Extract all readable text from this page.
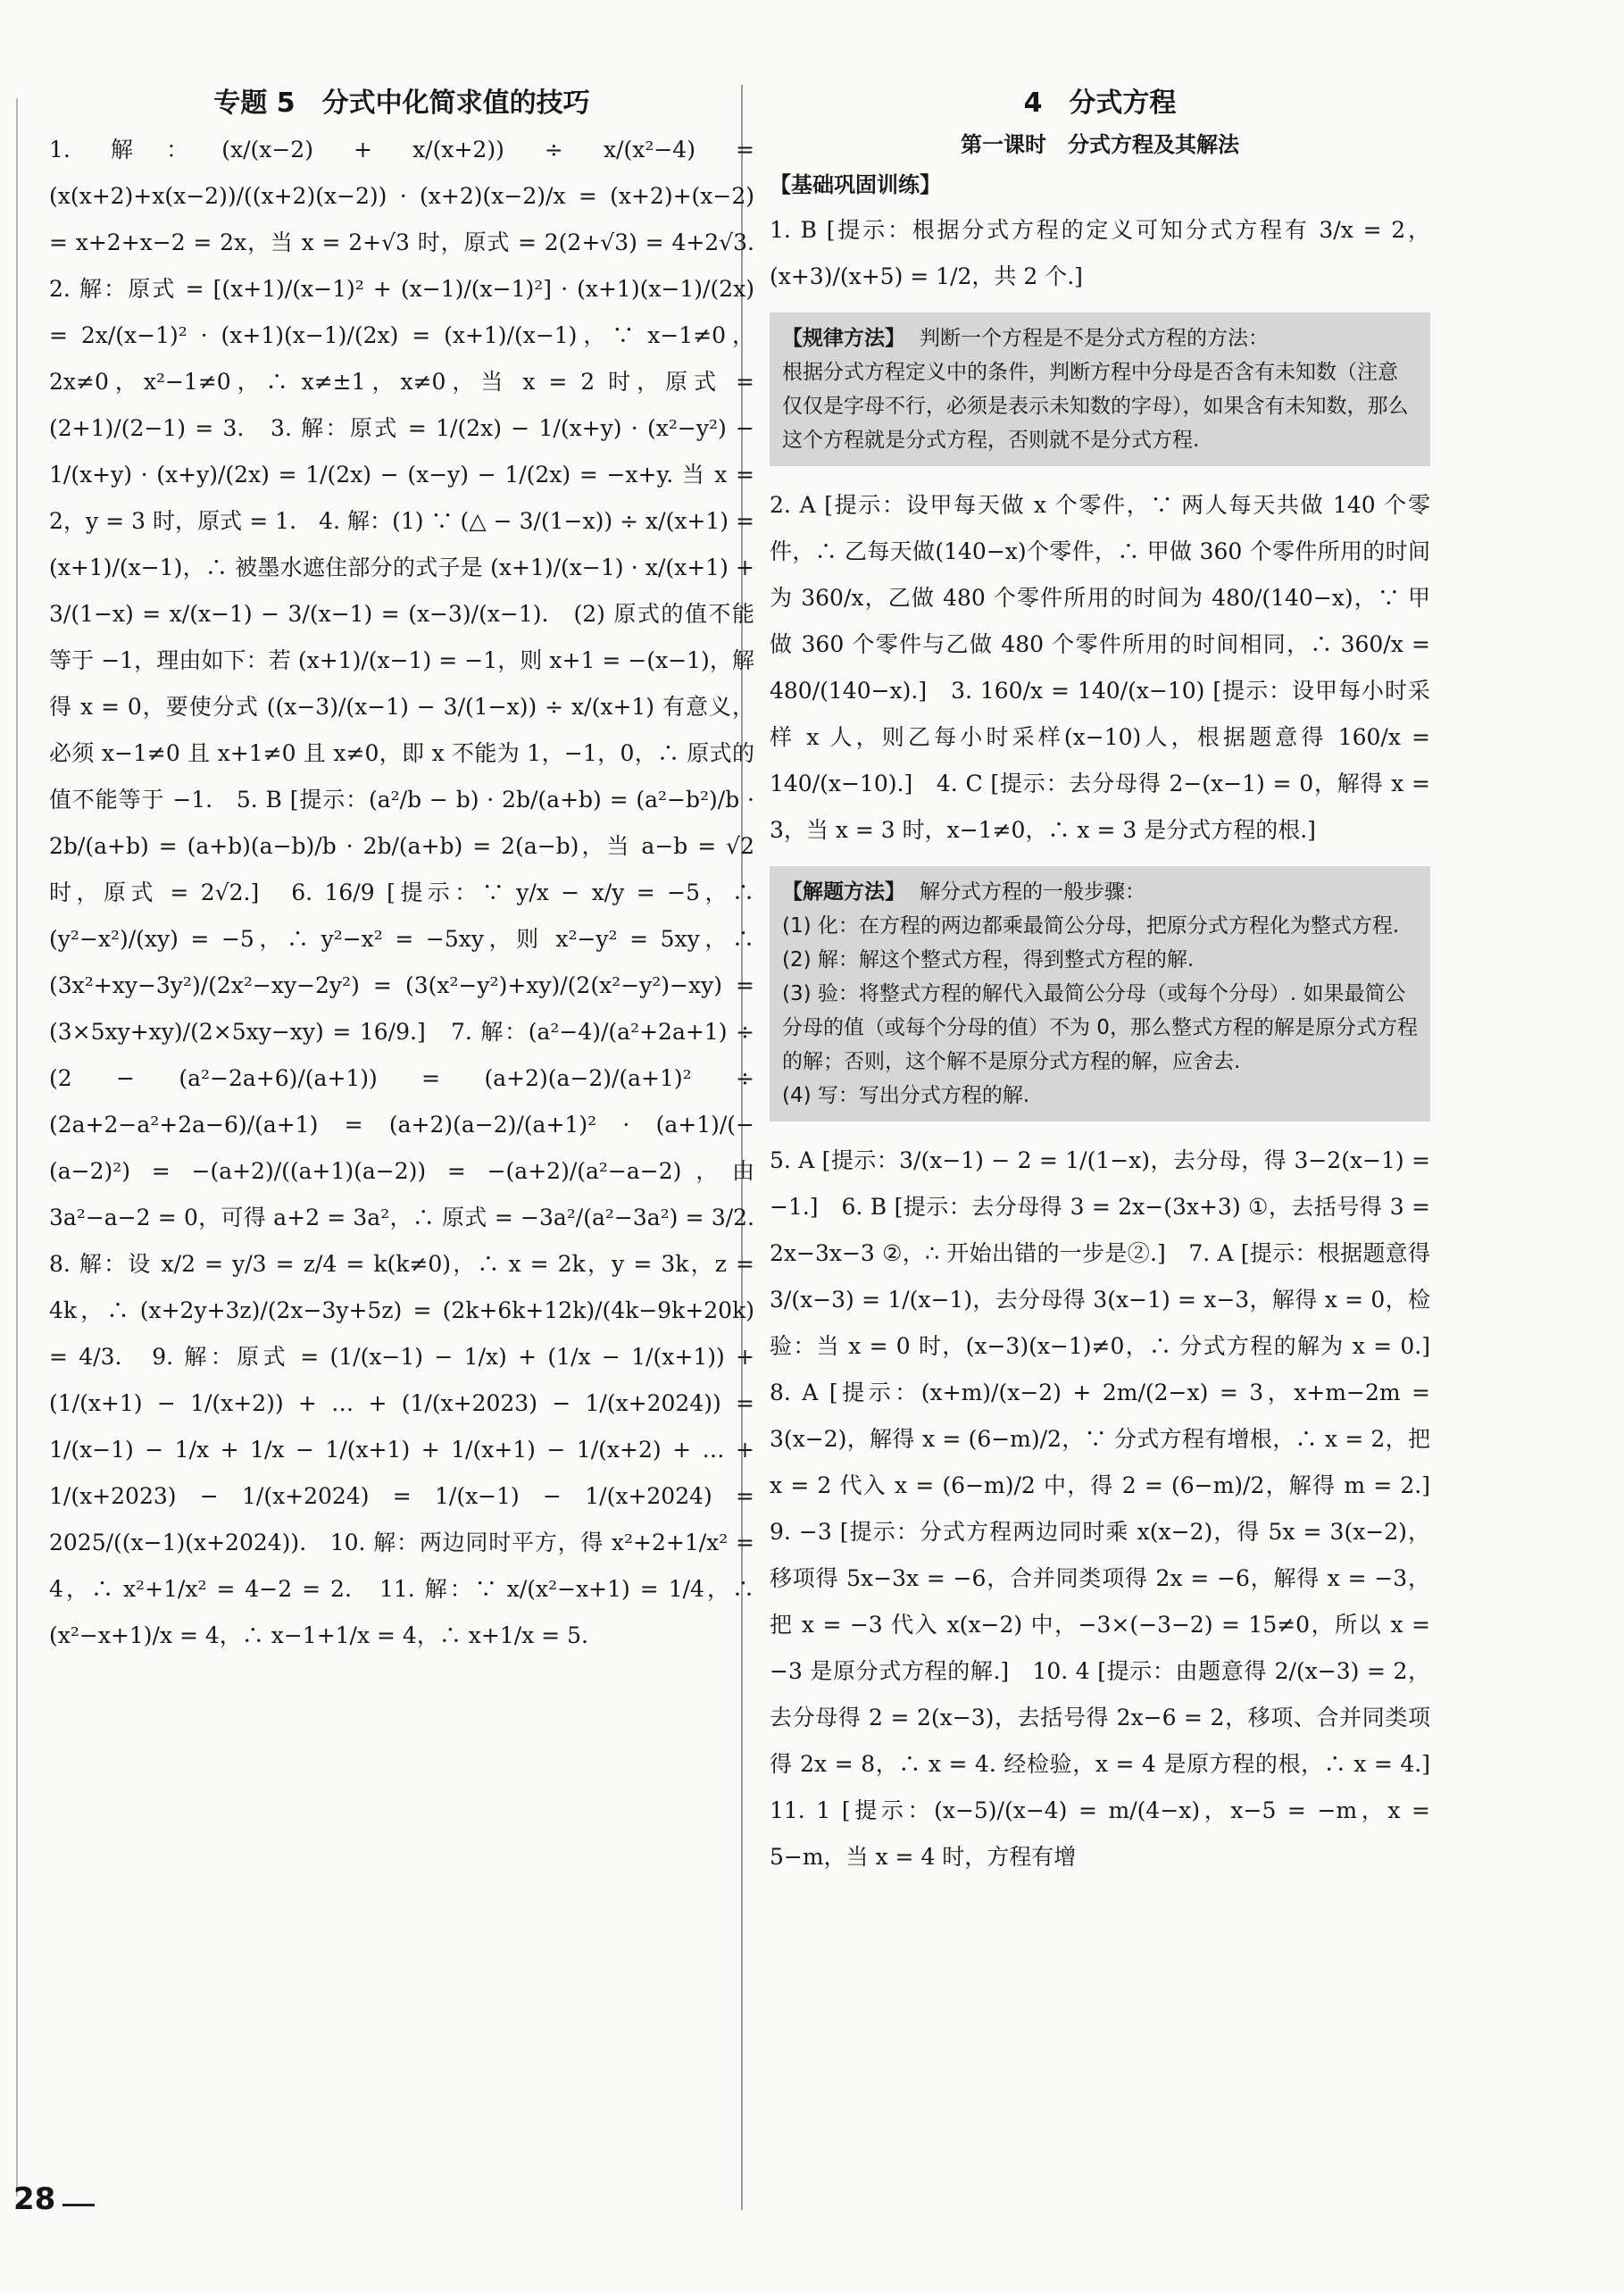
专题 5　分式中化简求值的技巧

1. 解：(x/(x−2) + x/(x+2)) ÷ x/(x²−4) = (x(x+2)+x(x−2))/((x+2)(x−2)) · (x+2)(x−2)/x = (x+2)+(x−2) = x+2+x−2 = 2x，当 x = 2+√3 时，原式 = 2(2+√3) = 4+2√3.　2. 解：原式 = [(x+1)/(x−1)² + (x−1)/(x−1)²] · (x+1)(x−1)/(2x) = 2x/(x−1)² · (x+1)(x−1)/(2x) = (x+1)/(x−1)，∵ x−1≠0，2x≠0，x²−1≠0，∴ x≠±1，x≠0，当 x = 2 时，原式 = (2+1)/(2−1) = 3.　3. 解：原式 = 1/(2x) − 1/(x+y) · (x²−y²) − 1/(x+y) · (x+y)/(2x) = 1/(2x) − (x−y) − 1/(2x) = −x+y. 当 x = 2，y = 3 时，原式 = 1.　4. 解：(1) ∵ (△ − 3/(1−x)) ÷ x/(x+1) = (x+1)/(x−1)，∴ 被墨水遮住部分的式子是 (x+1)/(x−1) · x/(x+1) + 3/(1−x) = x/(x−1) − 3/(x−1) = (x−3)/(x−1).　(2) 原式的值不能等于 −1，理由如下：若 (x+1)/(x−1) = −1，则 x+1 = −(x−1)，解得 x = 0，要使分式 ((x−3)/(x−1) − 3/(1−x)) ÷ x/(x+1) 有意义，必须 x−1≠0 且 x+1≠0 且 x≠0，即 x 不能为 1，−1，0，∴ 原式的值不能等于 −1.　5. B [提示：(a²/b − b) · 2b/(a+b) = (a²−b²)/b · 2b/(a+b) = (a+b)(a−b)/b · 2b/(a+b) = 2(a−b)，当 a−b = √2 时，原式 = 2√2.]　6. 16/9 [提示：∵ y/x − x/y = −5，∴ (y²−x²)/(xy) = −5，∴ y²−x² = −5xy，则 x²−y² = 5xy，∴ (3x²+xy−3y²)/(2x²−xy−2y²) = (3(x²−y²)+xy)/(2(x²−y²)−xy) = (3×5xy+xy)/(2×5xy−xy) = 16/9.]　7. 解：(a²−4)/(a²+2a+1) ÷ (2 − (a²−2a+6)/(a+1)) = (a+2)(a−2)/(a+1)² ÷ (2a+2−a²+2a−6)/(a+1) = (a+2)(a−2)/(a+1)² · (a+1)/(−(a−2)²) = −(a+2)/((a+1)(a−2)) = −(a+2)/(a²−a−2)，由 3a²−a−2 = 0，可得 a+2 = 3a²，∴ 原式 = −3a²/(a²−3a²) = 3/2.　8. 解：设 x/2 = y/3 = z/4 = k(k≠0)，∴ x = 2k，y = 3k，z = 4k，∴ (x+2y+3z)/(2x−3y+5z) = (2k+6k+12k)/(4k−9k+20k) = 4/3.　9. 解：原式 = (1/(x−1) − 1/x) + (1/x − 1/(x+1)) + (1/(x+1) − 1/(x+2)) + … + (1/(x+2023) − 1/(x+2024)) = 1/(x−1) − 1/x + 1/x − 1/(x+1) + 1/(x+1) − 1/(x+2) + … + 1/(x+2023) − 1/(x+2024) = 1/(x−1) − 1/(x+2024) = 2025/((x−1)(x+2024)).　10. 解：两边同时平方，得 x²+2+1/x² = 4，∴ x²+1/x² = 4−2 = 2.　11. 解：∵ x/(x²−x+1) = 1/4，∴ (x²−x+1)/x = 4，∴ x−1+1/x = 4，∴ x+1/x = 5.

4　分式方程
第一课时　分式方程及其解法
【基础巩固训练】

1. B [提示：根据分式方程的定义可知分式方程有 3/x = 2，(x+3)/(x+5) = 1/2，共 2 个.]

【规律方法】 判断一个方程是不是分式方程的方法：
根据分式方程定义中的条件，判断方程中分母是否含有未知数（注意仅仅是字母不行，必须是表示未知数的字母），如果含有未知数，那么这个方程就是分式方程，否则就不是分式方程.

2. A [提示：设甲每天做 x 个零件，∵ 两人每天共做 140 个零件，∴ 乙每天做(140−x)个零件，∴ 甲做 360 个零件所用的时间为 360/x，乙做 480 个零件所用的时间为 480/(140−x)，∵ 甲做 360 个零件与乙做 480 个零件所用的时间相同，∴ 360/x = 480/(140−x).]　3. 160/x = 140/(x−10) [提示：设甲每小时采样 x 人，则乙每小时采样(x−10)人，根据题意得 160/x = 140/(x−10).]　4. C [提示：去分母得 2−(x−1) = 0，解得 x = 3，当 x = 3 时，x−1≠0，∴ x = 3 是分式方程的根.]

【解题方法】 解分式方程的一般步骤：
(1) 化：在方程的两边都乘最简公分母，把原分式方程化为整式方程.
(2) 解：解这个整式方程，得到整式方程的解.
(3) 验：将整式方程的解代入最简公分母（或每个分母）. 如果最简公分母的值（或每个分母的值）不为 0，那么整式方程的解是原分式方程的解；否则，这个解不是原分式方程的解，应舍去.
(4) 写：写出分式方程的解.

5. A [提示：3/(x−1) − 2 = 1/(1−x)，去分母，得 3−2(x−1) = −1.]　6. B [提示：去分母得 3 = 2x−(3x+3) ①，去括号得 3 = 2x−3x−3 ②，∴ 开始出错的一步是②.]　7. A [提示：根据题意得 3/(x−3) = 1/(x−1)，去分母得 3(x−1) = x−3，解得 x = 0，检验：当 x = 0 时，(x−3)(x−1)≠0，∴ 分式方程的解为 x = 0.]　8. A [提示：(x+m)/(x−2) + 2m/(2−x) = 3，x+m−2m = 3(x−2)，解得 x = (6−m)/2，∵ 分式方程有增根，∴ x = 2，把 x = 2 代入 x = (6−m)/2 中，得 2 = (6−m)/2，解得 m = 2.]　9. −3 [提示：分式方程两边同时乘 x(x−2)，得 5x = 3(x−2)，移项得 5x−3x = −6，合并同类项得 2x = −6，解得 x = −3，把 x = −3 代入 x(x−2) 中，−3×(−3−2) = 15≠0，所以 x = −3 是原分式方程的解.]　10. 4 [提示：由题意得 2/(x−3) = 2，去分母得 2 = 2(x−3)，去括号得 2x−6 = 2，移项、合并同类项得 2x = 8，∴ x = 4. 经检验，x = 4 是原方程的根，∴ x = 4.]　11. 1 [提示：(x−5)/(x−4) = m/(4−x)，x−5 = −m，x = 5−m，当 x = 4 时，方程有增

28
